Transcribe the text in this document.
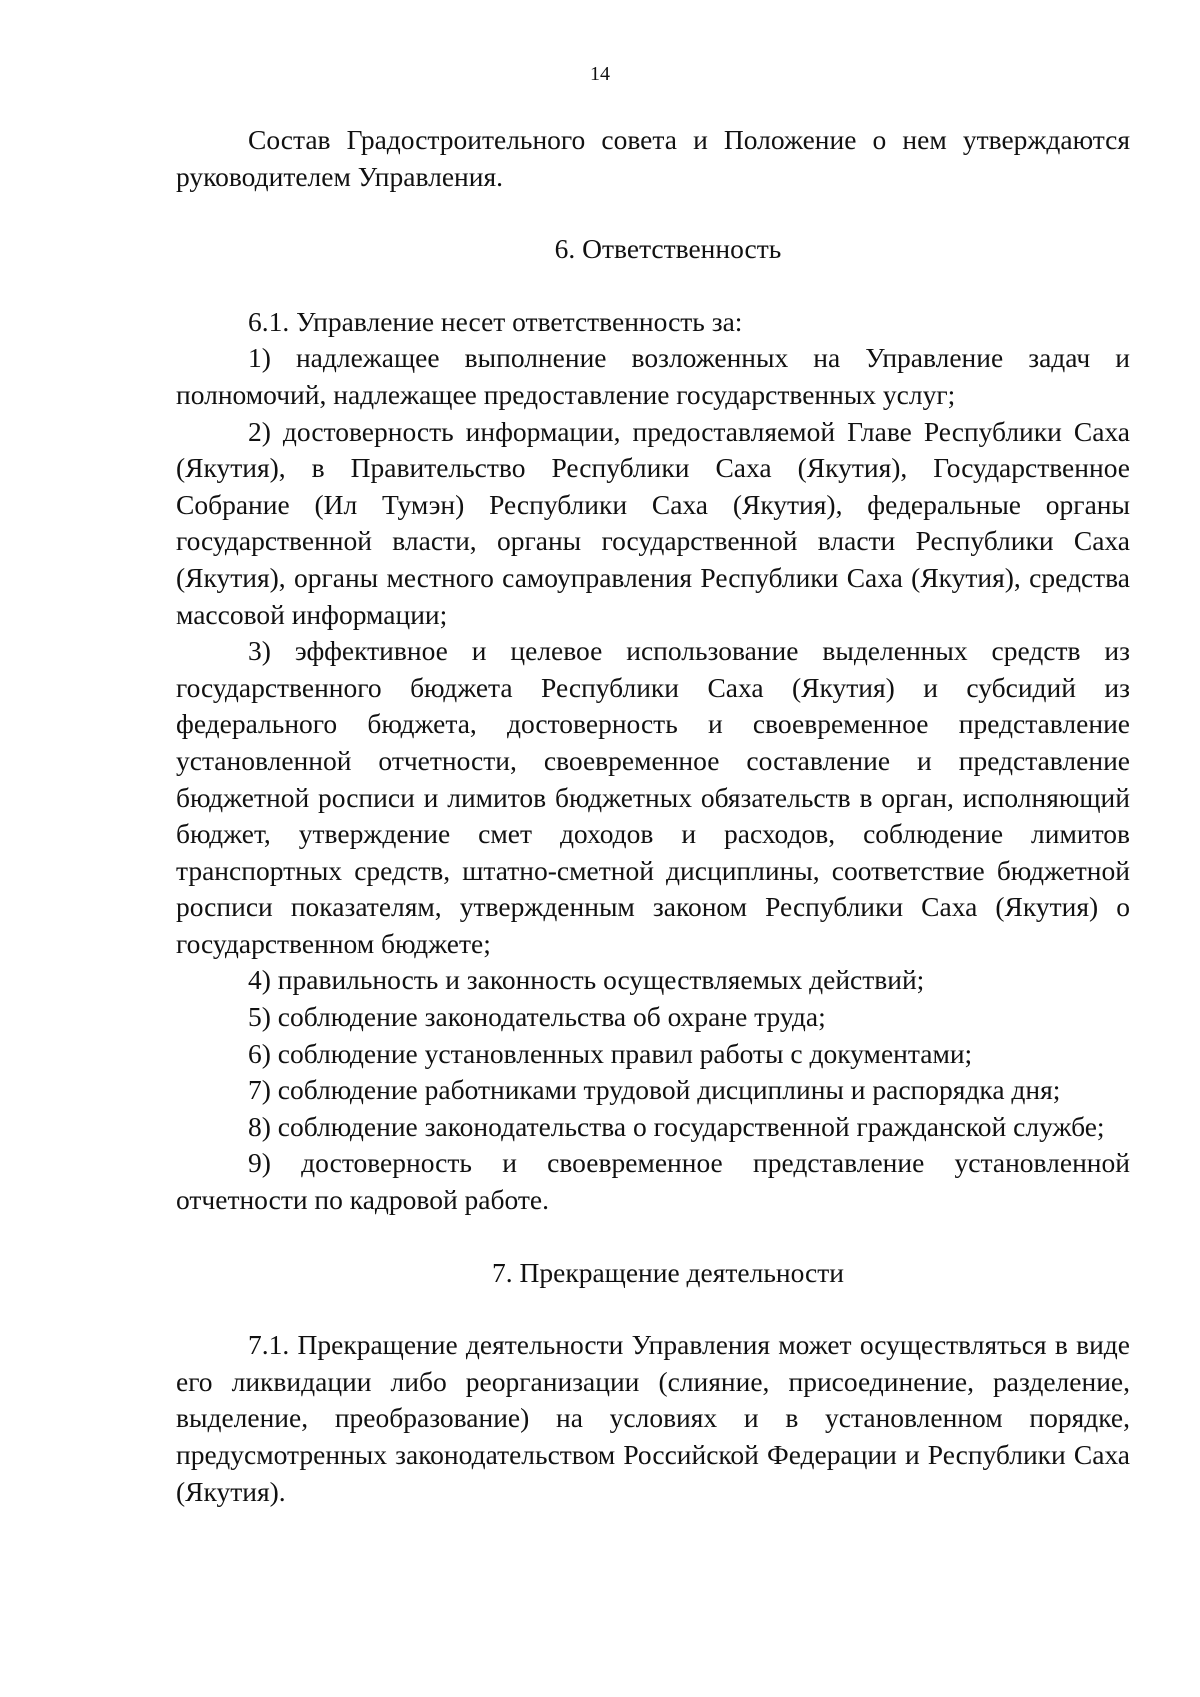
14

Состав Градостроительного совета и Положение о нем утверждаются руководителем Управления.

6. Ответственность

6.1. Управление несет ответственность за:

1) надлежащее выполнение возложенных на Управление задач и полномочий, надлежащее предоставление государственных услуг;

2) достоверность информации, предоставляемой Главе Республики Саха (Якутия), в Правительство Республики Саха (Якутия), Государственное Собрание (Ил Тумэн) Республики Саха (Якутия), федеральные органы государственной власти, органы государственной власти Республики Саха (Якутия), органы местного самоуправления Республики Саха (Якутия), средства массовой информации;

3) эффективное и целевое использование выделенных средств из государственного бюджета Республики Саха (Якутия) и субсидий из федерального бюджета, достоверность и своевременное представление установленной отчетности, своевременное составление и представление бюджетной росписи и лимитов бюджетных обязательств в орган, исполняющий бюджет, утверждение смет доходов и расходов, соблюдение лимитов транспортных средств, штатно-сметной дисциплины, соответствие бюджетной росписи показателям, утвержденным законом Республики Саха (Якутия) о государственном бюджете;

4) правильность и законность осуществляемых действий;

5) соблюдение законодательства об охране труда;

6) соблюдение установленных правил работы с документами;

7) соблюдение работниками трудовой дисциплины и распорядка дня;

8) соблюдение законодательства о государственной гражданской службе;

9) достоверность и своевременное представление установленной отчетности по кадровой работе.

7. Прекращение деятельности

7.1. Прекращение деятельности Управления может осуществляться в виде его ликвидации либо реорганизации (слияние, присоединение, разделение, выделение, преобразование) на условиях и в установленном порядке, предусмотренных законодательством Российской Федерации и Республики Саха (Якутия).
